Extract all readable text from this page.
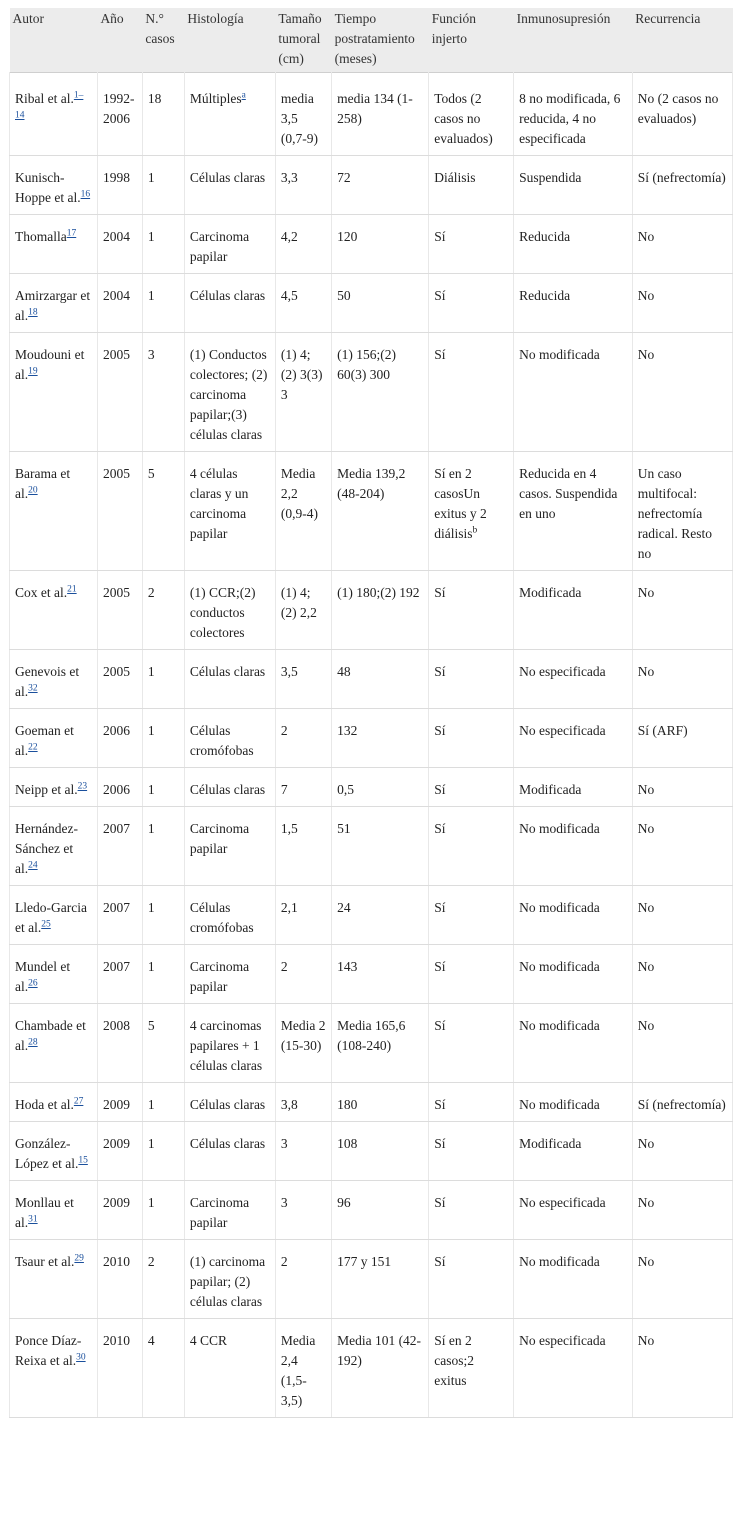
Autor	Año	N.° casos	Histología	Tamaño tumoral (cm)	Tiempo postratamiento (meses)	Función injerto	Inmunosupresión	Recurrencia
Ribal et al.$^{1-14}$	1992-2006	18	Múltiples$^a$	media 3,5 (0,7-9)	media 134 (1-258)	Todos (2 casos no evaluados)	8 no modificada, 6 reducida, 4 no especificada	No (2 casos no evaluados)
Kunisch-Hoppe et al.$^{16}$	1998	1	Células claras	3,3	72	Diálisis	Suspendida	Sí (nefrectomía)
Thomalla$^{17}$	2004	1	Carcinoma papilar	4,2	120	Sí	Reducida	No
Amirzargar et al.$^{18}$	2004	1	Células claras	4,5	50	Sí	Reducida	No
Moudouni et al.$^{19}$	2005	3	(1) Conductos colectores; (2) carcinoma papilar;(3) células claras	(1) 4;(2) 3(3) 3	(1) 156;(2) 60(3) 300	Sí	No modificada	No
Barama et al.$^{20}$	2005	5	4 células claras y un carcinoma papilar	Media 2,2 (0,9-4)	Media 139,2 (48-204)	Sí en 2 casosUn exitus y 2 diálisis$^b$	Reducida en 4 casos. Suspendida en uno	Un caso multifocal: nefrectomía radical. Resto no
Cox et al.$^{21}$	2005	2	(1) CCR;(2) conductos colectores	(1) 4;(2) 2,2	(1) 180;(2) 192	Sí	Modificada	No
Genevois et al.$^{32}$	2005	1	Células claras	3,5	48	Sí	No especificada	No
Goeman et al.$^{22}$	2006	1	Células cromófobas	2	132	Sí	No especificada	Sí (ARF)
Neipp et al.$^{23}$	2006	1	Células claras	7	0,5	Sí	Modificada	No
Hernández-Sánchez et al.$^{24}$	2007	1	Carcinoma papilar	1,5	51	Sí	No modificada	No
Lledo-Garcia et al.$^{25}$	2007	1	Células cromófobas	2,1	24	Sí	No modificada	No
Mundel et al.$^{26}$	2007	1	Carcinoma papilar	2	143	Sí	No modificada	No
Chambade et al.$^{28}$	2008	5	4 carcinomas papilares + 1 células claras	Media 2 (15-30)	Media 165,6 (108-240)	Sí	No modificada	No
Hoda et al.$^{27}$	2009	1	Células claras	3,8	180	Sí	No modificada	Sí (nefrectomía)
González-López et al.$^{15}$	2009	1	Células claras	3	108	Sí	Modificada	No
Monllau et al.$^{31}$	2009	1	Carcinoma papilar	3	96	Sí	No especificada	No
Tsaur et al.$^{29}$	2010	2	(1) carcinoma papilar; (2) células claras	2	177 y 151	Sí	No modificada	No
Ponce Díaz-Reixa et al.$^{30}$	2010	4	4 CCR	Media 2,4 (1,5-3,5)	Media 101 (42-192)	Sí en 2 casos;2 exitus	No especificada	No
